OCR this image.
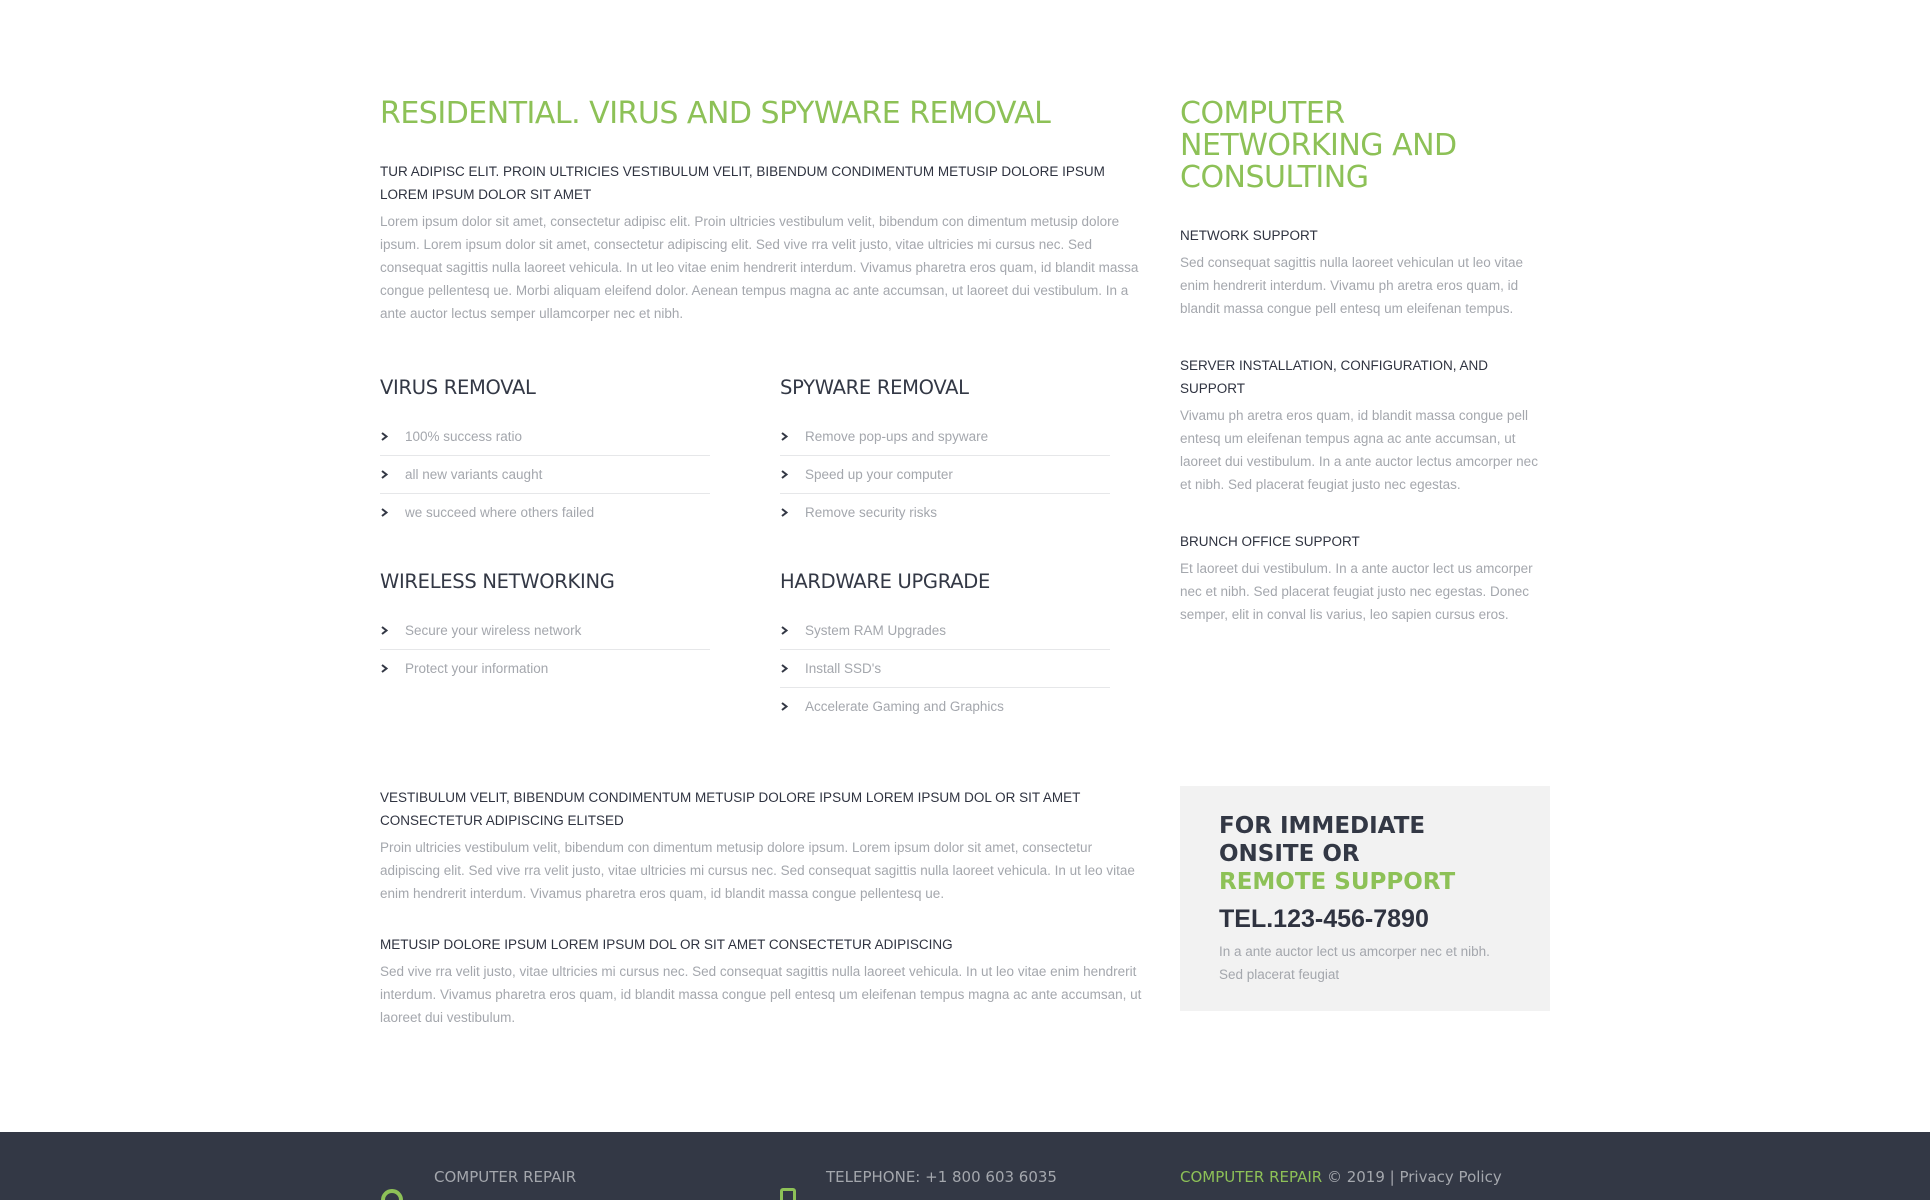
RESIDENTIAL. VIRUS AND SPYWARE REMOVAL

TUR ADIPISC ELIT. PROIN ULTRICIES VESTIBULUM VELIT, BIBENDUM CONDIMENTUM METUSIP DOLORE IPSUM LOREM IPSUM DOLOR SIT AMET

Lorem ipsum dolor sit amet, consectetur adipisc elit. Proin ultricies vestibulum velit, bibendum con dimentum metusip dolore ipsum. Lorem ipsum dolor sit amet, consectetur adipiscing elit. Sed vive rra velit justo, vitae ultricies mi cursus nec. Sed consequat sagittis nulla laoreet vehicula. In ut leo vitae enim hendrerit interdum. Vivamus pharetra eros quam, id blandit massa congue pellentesq ue. Morbi aliquam eleifend dolor. Aenean tempus magna ac ante accumsan, ut laoreet dui vestibulum. In a ante auctor lectus semper ullamcorper nec et nibh.

VIRUS REMOVAL
100% success ratio
all new variants caught
we succeed where others failed
SPYWARE REMOVAL
Remove pop-ups and spyware
Speed up your computer
Remove security risks
WIRELESS NETWORKING
Secure your wireless network
Protect your information
HARDWARE UPGRADE
System RAM Upgrades
Install SSD's
Accelerate Gaming and Graphics

VESTIBULUM VELIT, BIBENDUM CONDIMENTUM METUSIP DOLORE IPSUM LOREM IPSUM DOL OR SIT AMET CONSECTETUR ADIPISCING ELITSED

Proin ultricies vestibulum velit, bibendum con dimentum metusip dolore ipsum. Lorem ipsum dolor sit amet, consectetur adipiscing elit. Sed vive rra velit justo, vitae ultricies mi cursus nec. Sed consequat sagittis nulla laoreet vehicula. In ut leo vitae enim hendrerit interdum. Vivamus pharetra eros quam, id blandit massa congue pellentesq ue.

METUSIP DOLORE IPSUM LOREM IPSUM DOL OR SIT AMET CONSECTETUR ADIPISCING

Sed vive rra velit justo, vitae ultricies mi cursus nec. Sed consequat sagittis nulla laoreet vehicula. In ut leo vitae enim hendrerit interdum. Vivamus pharetra eros quam, id blandit massa congue pell entesq um eleifenan tempus magna ac ante accumsan, ut laoreet dui vestibulum.

COMPUTER NETWORKING AND CONSULTING

NETWORK SUPPORT

Sed consequat sagittis nulla laoreet vehiculan ut leo vitae enim hendrerit interdum. Vivamu ph aretra eros quam, id blandit massa congue pell entesq um eleifenan tempus.

SERVER INSTALLATION, CONFIGURATION, AND SUPPORT

Vivamu ph aretra eros quam, id blandit massa congue pell entesq um eleifenan tempus agna ac ante accumsan, ut laoreet dui vestibulum. In a ante auctor lectus amcorper nec et nibh. Sed placerat feugiat justo nec egestas.

BRUNCH OFFICE SUPPORT

Et laoreet dui vestibulum. In a ante auctor lect us amcorper nec et nibh. Sed placerat feugiat justo nec egestas. Donec semper, elit in conval lis varius, leo sapien cursus eros.

FOR IMMEDIATE ONSITE OR

REMOTE SUPPORT

TEL.123-456-7890

In a ante auctor lect us amcorper nec et nibh. Sed placerat feugiat
COMPUTER REPAIR	TELEPHONE: +1 800 603 6035	COMPUTER REPAIR © 2019 | Privacy Policy
